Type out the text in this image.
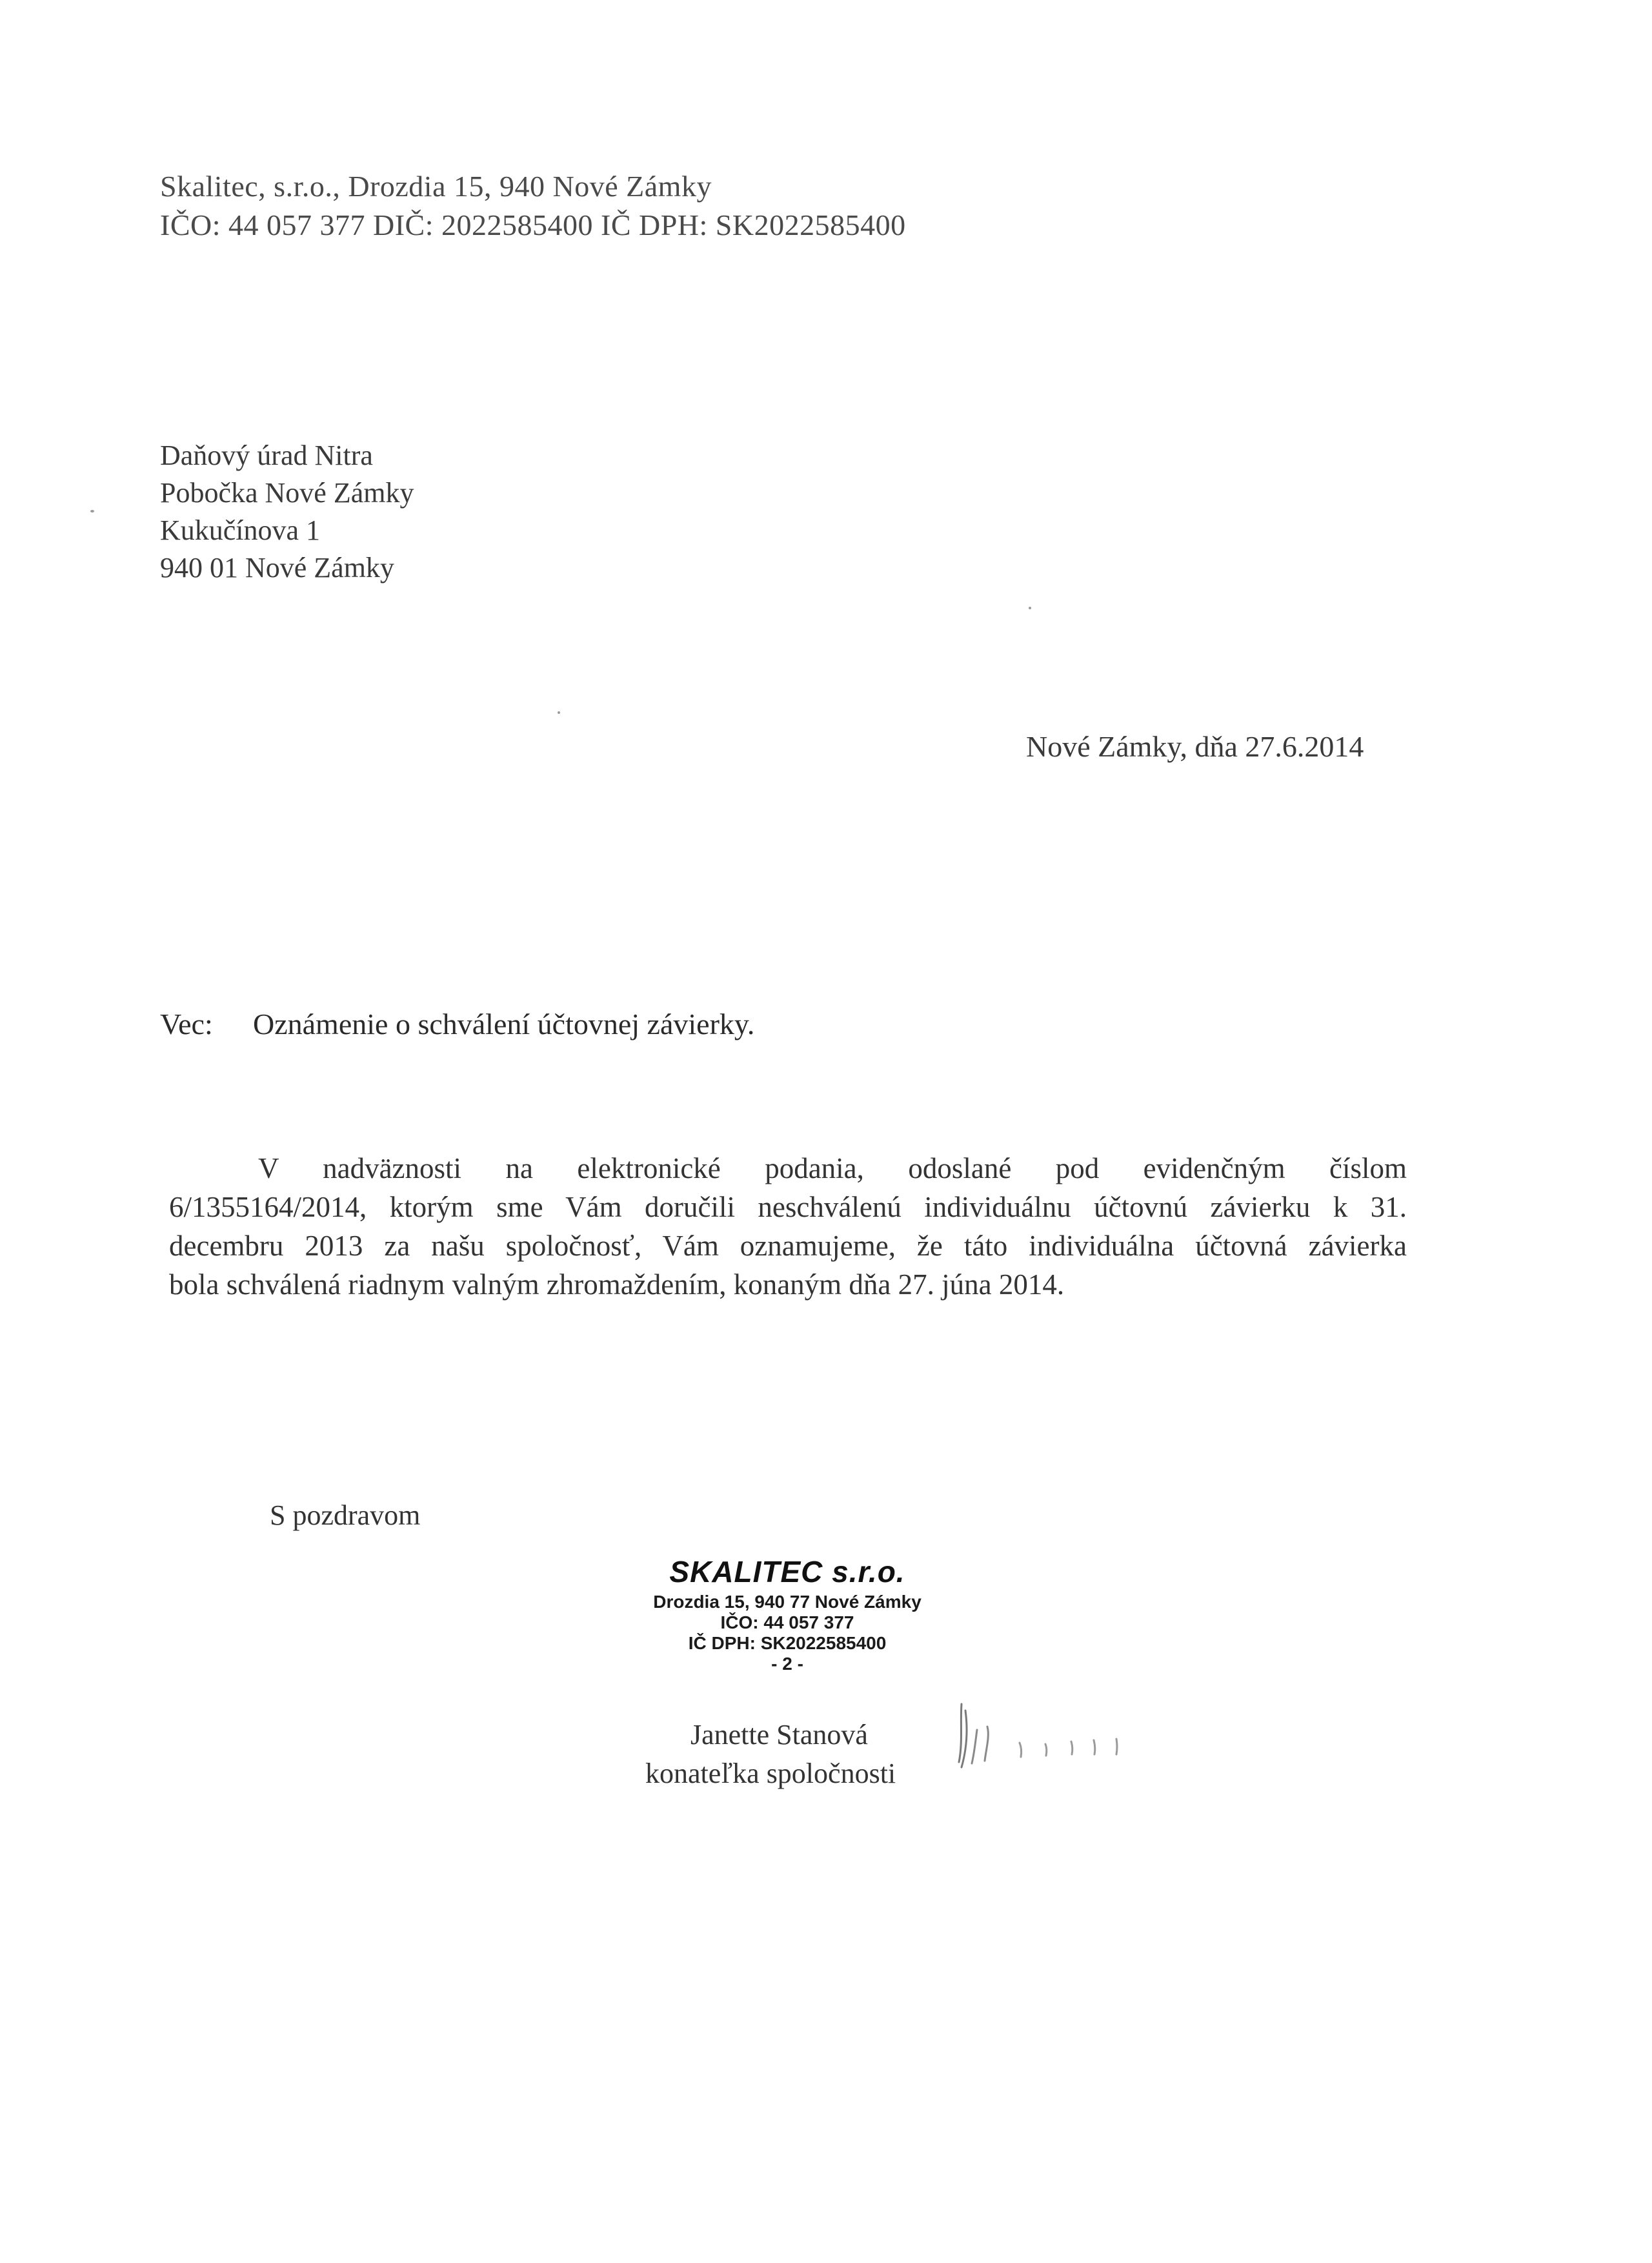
Skalitec, s.r.o., Drozdia 15, 940 Nové Zámky
IČO: 44 057 377 DIČ: 2022585400 IČ DPH: SK2022585400
Daňový úrad Nitra
Pobočka Nové Zámky
Kukučínova 1
940 01 Nové Zámky
Nové Zámky, dňa 27.6.2014
Vec: Oznámenie o schválení účtovnej závierky.
V nadväznosti na elektronické podania, odoslané pod evidenčným číslom
6/1355164/2014, ktorým sme Vám doručili neschválenú individuálnu účtovnú závierku k 31.
decembru 2013 za našu spoločnosť, Vám oznamujeme, že táto individuálna účtovná závierka
bola schválená riadnym valným zhromaždením, konaným dňa 27. júna 2014.
S pozdravom
SKALITEC s.r.o.
Drozdia 15, 940 77 Nové Zámky
IČO: 44 057 377
IČ DPH: SK2022585400
- 2 -
Janette Stanová
konateľka spoločnosti
